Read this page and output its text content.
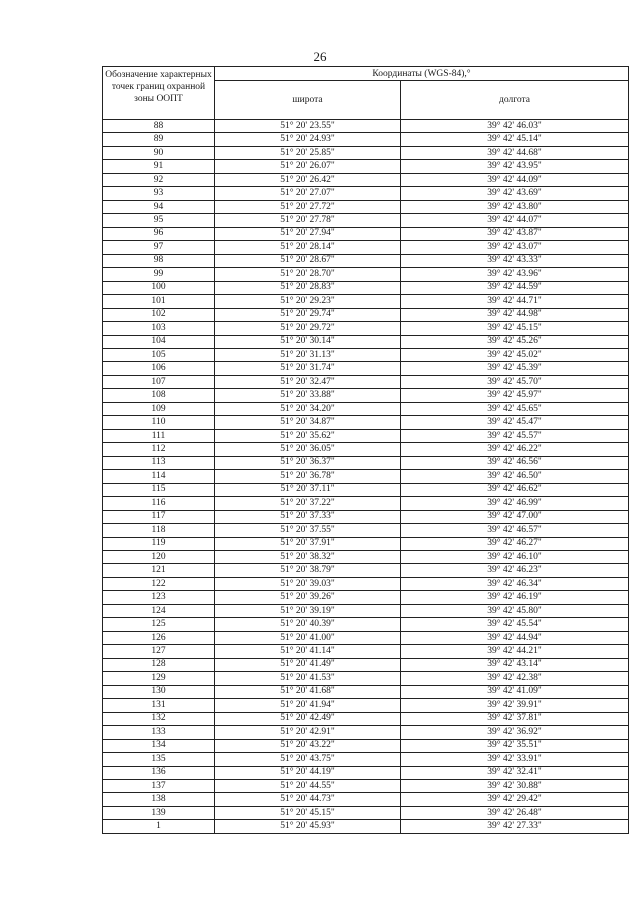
26
Обозначение характерных точек границ охранной зоны ООПТ	Координаты (WGS-84),°	
	широта	долгота
88	51° 20' 23.55"	39° 42' 46.03"
89	51° 20' 24.93"	39° 42' 45.14"
90	51° 20' 25.85"	39° 42' 44.68"
91	51° 20' 26.07"	39° 42' 43.95"
92	51° 20' 26.42"	39° 42' 44.09"
93	51° 20' 27.07"	39° 42' 43.69"
94	51° 20' 27.72"	39° 42' 43.80"
95	51° 20' 27.78"	39° 42' 44.07"
96	51° 20' 27.94"	39° 42' 43.87"
97	51° 20' 28.14"	39° 42' 43.07"
98	51° 20' 28.67"	39° 42' 43.33"
99	51° 20' 28.70"	39° 42' 43.96"
100	51° 20' 28.83"	39° 42' 44.59"
101	51° 20' 29.23"	39° 42' 44.71"
102	51° 20' 29.74"	39° 42' 44.98"
103	51° 20' 29.72"	39° 42' 45.15"
104	51° 20' 30.14"	39° 42' 45.26"
105	51° 20' 31.13"	39° 42' 45.02"
106	51° 20' 31.74"	39° 42' 45.39"
107	51° 20' 32.47"	39° 42' 45.70"
108	51° 20' 33.88"	39° 42' 45.97"
109	51° 20' 34.20"	39° 42' 45.65"
110	51° 20' 34.87"	39° 42' 45.47"
111	51° 20' 35.62"	39° 42' 45.57"
112	51° 20' 36.05"	39° 42' 46.22"
113	51° 20' 36.37"	39° 42' 46.56"
114	51° 20' 36.78"	39° 42' 46.50"
115	51° 20' 37.11"	39° 42' 46.62"
116	51° 20' 37.22"	39° 42' 46.99"
117	51° 20' 37.33"	39° 42' 47.00"
118	51° 20' 37.55"	39° 42' 46.57"
119	51° 20' 37.91"	39° 42' 46.27"
120	51° 20' 38.32"	39° 42' 46.10"
121	51° 20' 38.79"	39° 42' 46.23"
122	51° 20' 39.03"	39° 42' 46.34"
123	51° 20' 39.26"	39° 42' 46.19"
124	51° 20' 39.19"	39° 42' 45.80"
125	51° 20' 40.39"	39° 42' 45.54"
126	51° 20' 41.00"	39° 42' 44.94"
127	51° 20' 41.14"	39° 42' 44.21"
128	51° 20' 41.49"	39° 42' 43.14"
129	51° 20' 41.53"	39° 42' 42.38"
130	51° 20' 41.68"	39° 42' 41.09"
131	51° 20' 41.94"	39° 42' 39.91"
132	51° 20' 42.49"	39° 42' 37.81"
133	51° 20' 42.91"	39° 42' 36.92"
134	51° 20' 43.22"	39° 42' 35.51"
135	51° 20' 43.75"	39° 42' 33.91"
136	51° 20' 44.19"	39° 42' 32.41"
137	51° 20' 44.55"	39° 42' 30.88"
138	51° 20' 44.73"	39° 42' 29.42"
139	51° 20' 45.15"	39° 42' 26.48"
1	51° 20' 45.93"	39° 42' 27.33"
